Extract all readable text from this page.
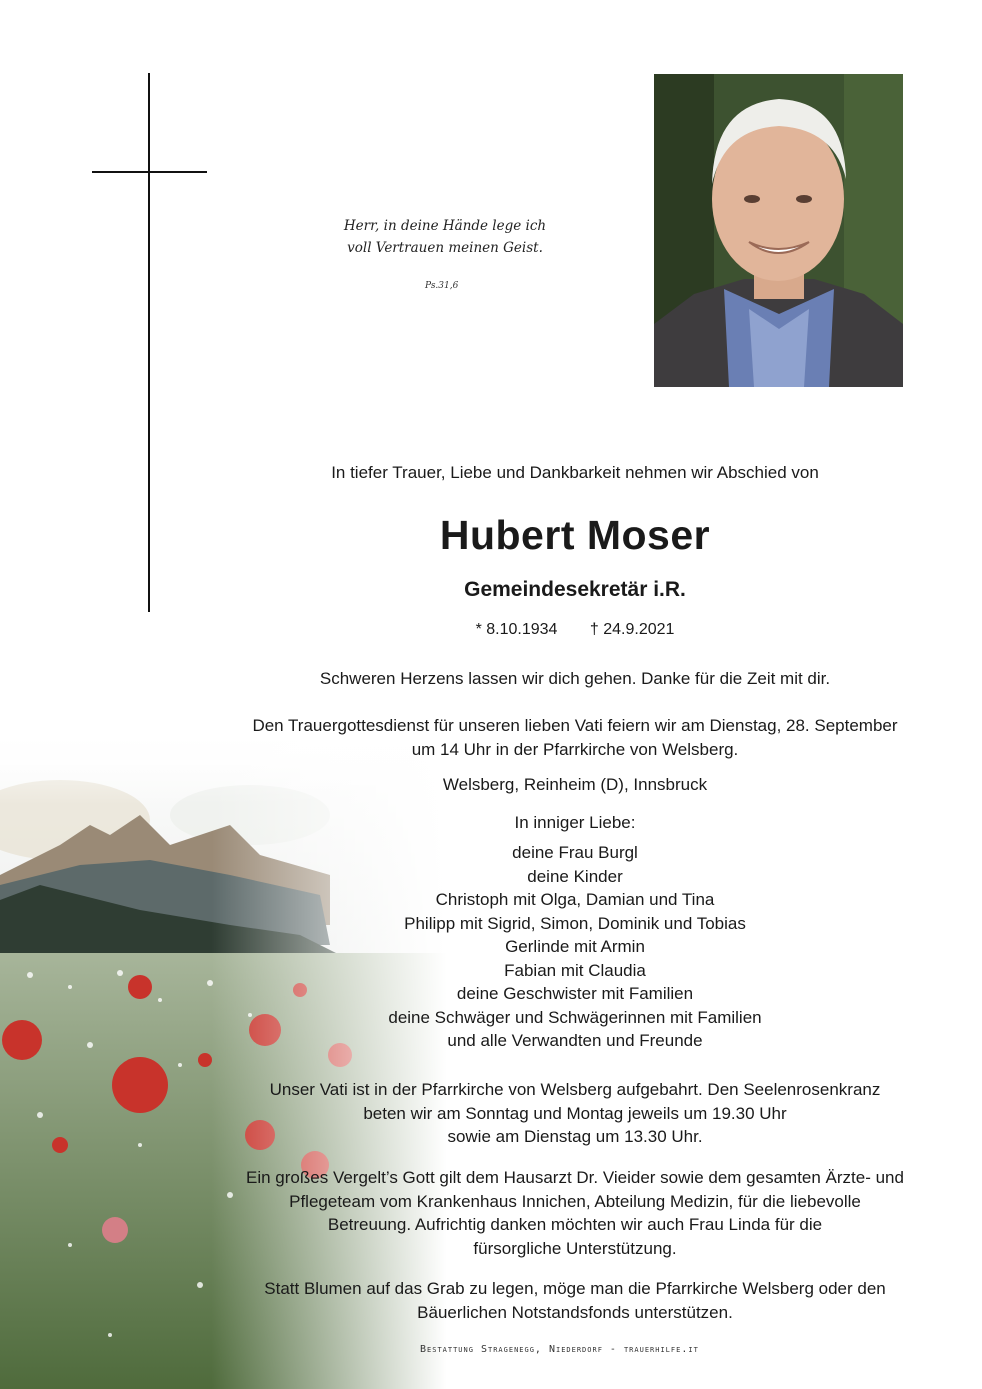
Herr, in deine Hände lege ich
voll Vertrauen meinen Geist.
Ps.31,6
In tiefer Trauer, Liebe und Dankbarkeit nehmen wir Abschied von
Hubert Moser
Gemeindesekretär i.R.
* 8.10.1934 † 24.9.2021
Schweren Herzens lassen wir dich gehen. Danke für die Zeit mit dir.
Den Trauergottesdienst für unseren lieben Vati feiern wir am Dienstag, 28. September
um 14 Uhr in der Pfarrkirche von Welsberg.
Welsberg, Reinheim (D), Innsbruck
In inniger Liebe:
deine Frau Burgl
deine Kinder
Christoph mit Olga, Damian und Tina
Philipp mit Sigrid, Simon, Dominik und Tobias
Gerlinde mit Armin
Fabian mit Claudia
deine Geschwister mit Familien
deine Schwäger und Schwägerinnen mit Familien
und alle Verwandten und Freunde
Unser Vati ist in der Pfarrkirche von Welsberg aufgebahrt. Den Seelenrosenkranz
beten wir am Sonntag und Montag jeweils um 19.30 Uhr
sowie am Dienstag um 13.30 Uhr.
Ein großes Vergelt’s Gott gilt dem Hausarzt Dr. Vieider sowie dem gesamten Ärzte- und
Pflegeteam vom Krankenhaus Innichen, Abteilung Medizin, für die liebevolle
Betreuung. Aufrichtig danken möchten wir auch Frau Linda für die
fürsorgliche Unterstützung.
Statt Blumen auf das Grab zu legen, möge man die Pfarrkirche Welsberg oder den
Bäuerlichen Notstandsfonds unterstützen.
Bestattung Stragenegg, Niederdorf - trauerhilfe.it
